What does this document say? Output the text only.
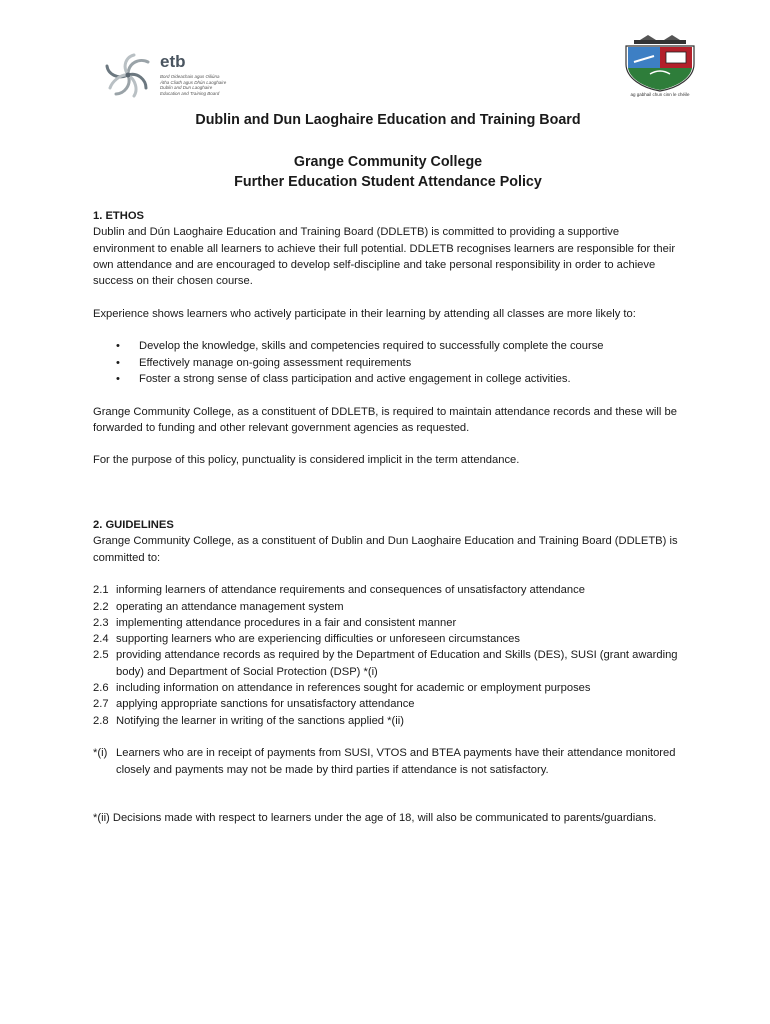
etb
Bord Oideachais agus Oiliúna
Átha Cliath agus Dhún Laoghaire
Dublin and Dun Laoghaire
Education and Training Board	ag gabhail chun cinn le chéile
Dublin and Dun Laoghaire Education and Training Board
Grange Community College
Further Education Student Attendance Policy
1. ETHOS

Dublin and Dún Laoghaire Education and Training Board (DDLETB) is committed to providing a supportive environment to enable all learners to achieve their full potential. DDLETB recognises learners are responsible for their own attendance and are encouraged to develop self-discipline and take personal responsibility in order to achieve success on their chosen course.

Experience shows learners who actively participate in their learning by attending all classes are more likely to:

• Develop the knowledge, skills and competencies required to successfully complete the course
• Effectively manage on-going assessment requirements
• Foster a strong sense of class participation and active engagement in college activities.

Grange Community College, as a constituent of DDLETB, is required to maintain attendance records and these will be forwarded to funding and other relevant government agencies as requested.

For the purpose of this policy, punctuality is considered implicit in the term attendance.

2. GUIDELINES

Grange Community College, as a constituent of Dublin and Dun Laoghaire Education and Training Board (DDLETB) is committed to:

2.1 informing learners of attendance requirements and consequences of unsatisfactory attendance
2.2 operating an attendance management system
2.3 implementing attendance procedures in a fair and consistent manner
2.4 supporting learners who are experiencing difficulties or unforeseen circumstances
2.5 providing attendance records as required by the Department of Education and Skills (DES), SUSI (grant awarding body) and Department of Social Protection (DSP) *(i)
2.6 including information on attendance in references sought for academic or employment purposes
2.7 applying appropriate sanctions for unsatisfactory attendance
2.8 Notifying the learner in writing of the sanctions applied *(ii)
*(i) Learners who are in receipt of payments from SUSI, VTOS and BTEA payments have their attendance monitored closely and payments may not be made by third parties if attendance is not satisfactory.

*(ii) Decisions made with respect to learners under the age of 18, will also be communicated to parents/guardians.
